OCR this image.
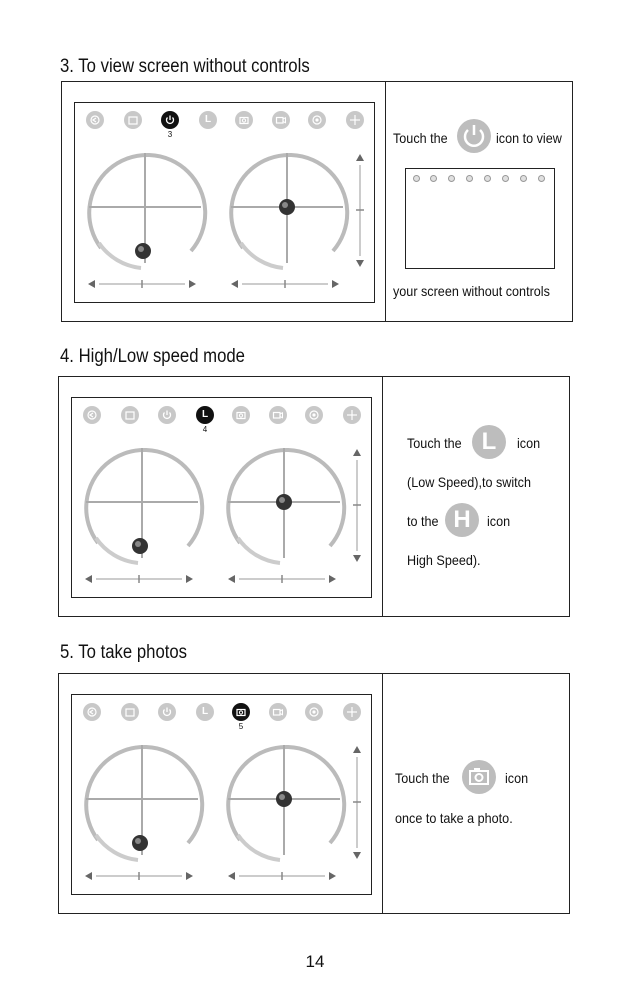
3. To view screen without controls
L
3	Touch the	icon to view
your screen without controls
4. High/Low speed mode
L
4
Touch the L	icon
(Low Speed),to switch
to the H	icon
High Speed).
5. To take photos
L
5
Touch the	icon
once to take a photo.
14
